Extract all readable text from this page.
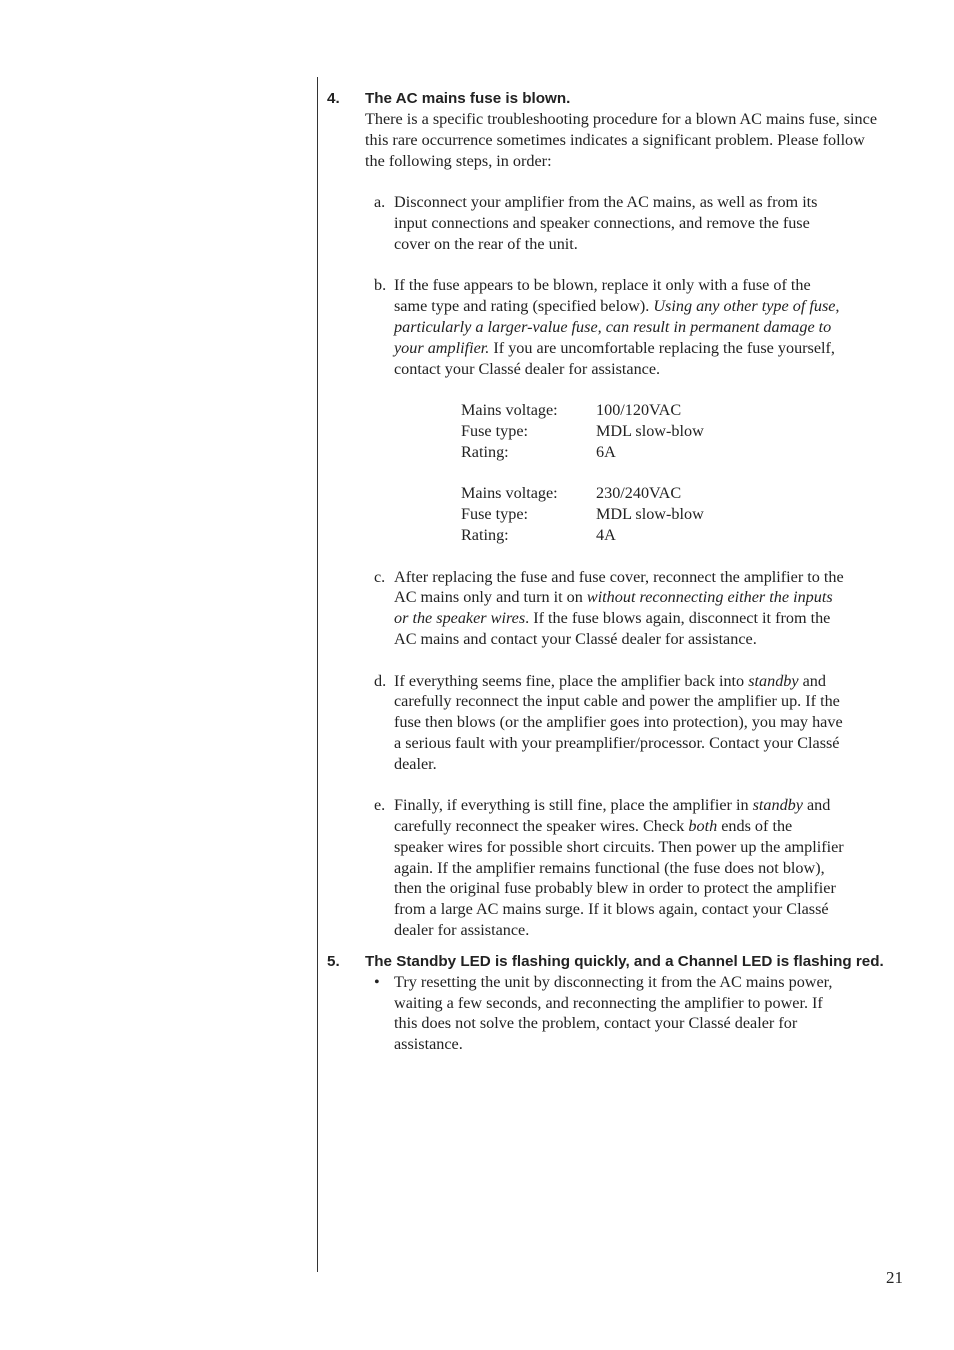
4.	The AC mains fuse is blown.
There is a specific troubleshooting procedure for a blown AC mains fuse, since this rare occurrence sometimes indicates a significant problem. Please follow the following steps, in order:
a. Disconnect your amplifier from the AC mains, as well as from its input connections and speaker connections, and remove the fuse cover on the rear of the unit.
b. If the fuse appears to be blown, replace it only with a fuse of the same type and rating (specified below). Using any other type of fuse, particularly a larger-value fuse, can result in permanent damage to your amplifier. If you are uncomfortable replacing the fuse yourself, contact your Classé dealer for assistance.
Mains voltage:	100/120VAC
Fuse type:	MDL slow-blow
Rating:	6A
Mains voltage:	230/240VAC
Fuse type:	MDL slow-blow
Rating:	4A
c. After replacing the fuse and fuse cover, reconnect the amplifier to the AC mains only and turn it on without reconnecting either the inputs or the speaker wires. If the fuse blows again, disconnect it from the AC mains and contact your Classé dealer for assistance.
d. If everything seems fine, place the amplifier back into standby and carefully reconnect the input cable and power the amplifier up. If the fuse then blows (or the amplifier goes into protection), you may have a serious fault with your preamplifier/processor. Contact your Classé dealer.
e. Finally, if everything is still fine, place the amplifier in standby and carefully reconnect the speaker wires. Check both ends of the speaker wires for possible short circuits. Then power up the amplifier again. If the amplifier remains functional (the fuse does not blow), then the original fuse probably blew in order to protect the amplifier from a large AC mains surge. If it blows again, contact your Classé dealer for assistance.
5.	The Standby LED is flashing quickly, and a Channel LED is flashing red.
• Try resetting the unit by disconnecting it from the AC mains power, waiting a few seconds, and reconnecting the amplifier to power. If this does not solve the problem, contact your Classé dealer for assistance.
21
